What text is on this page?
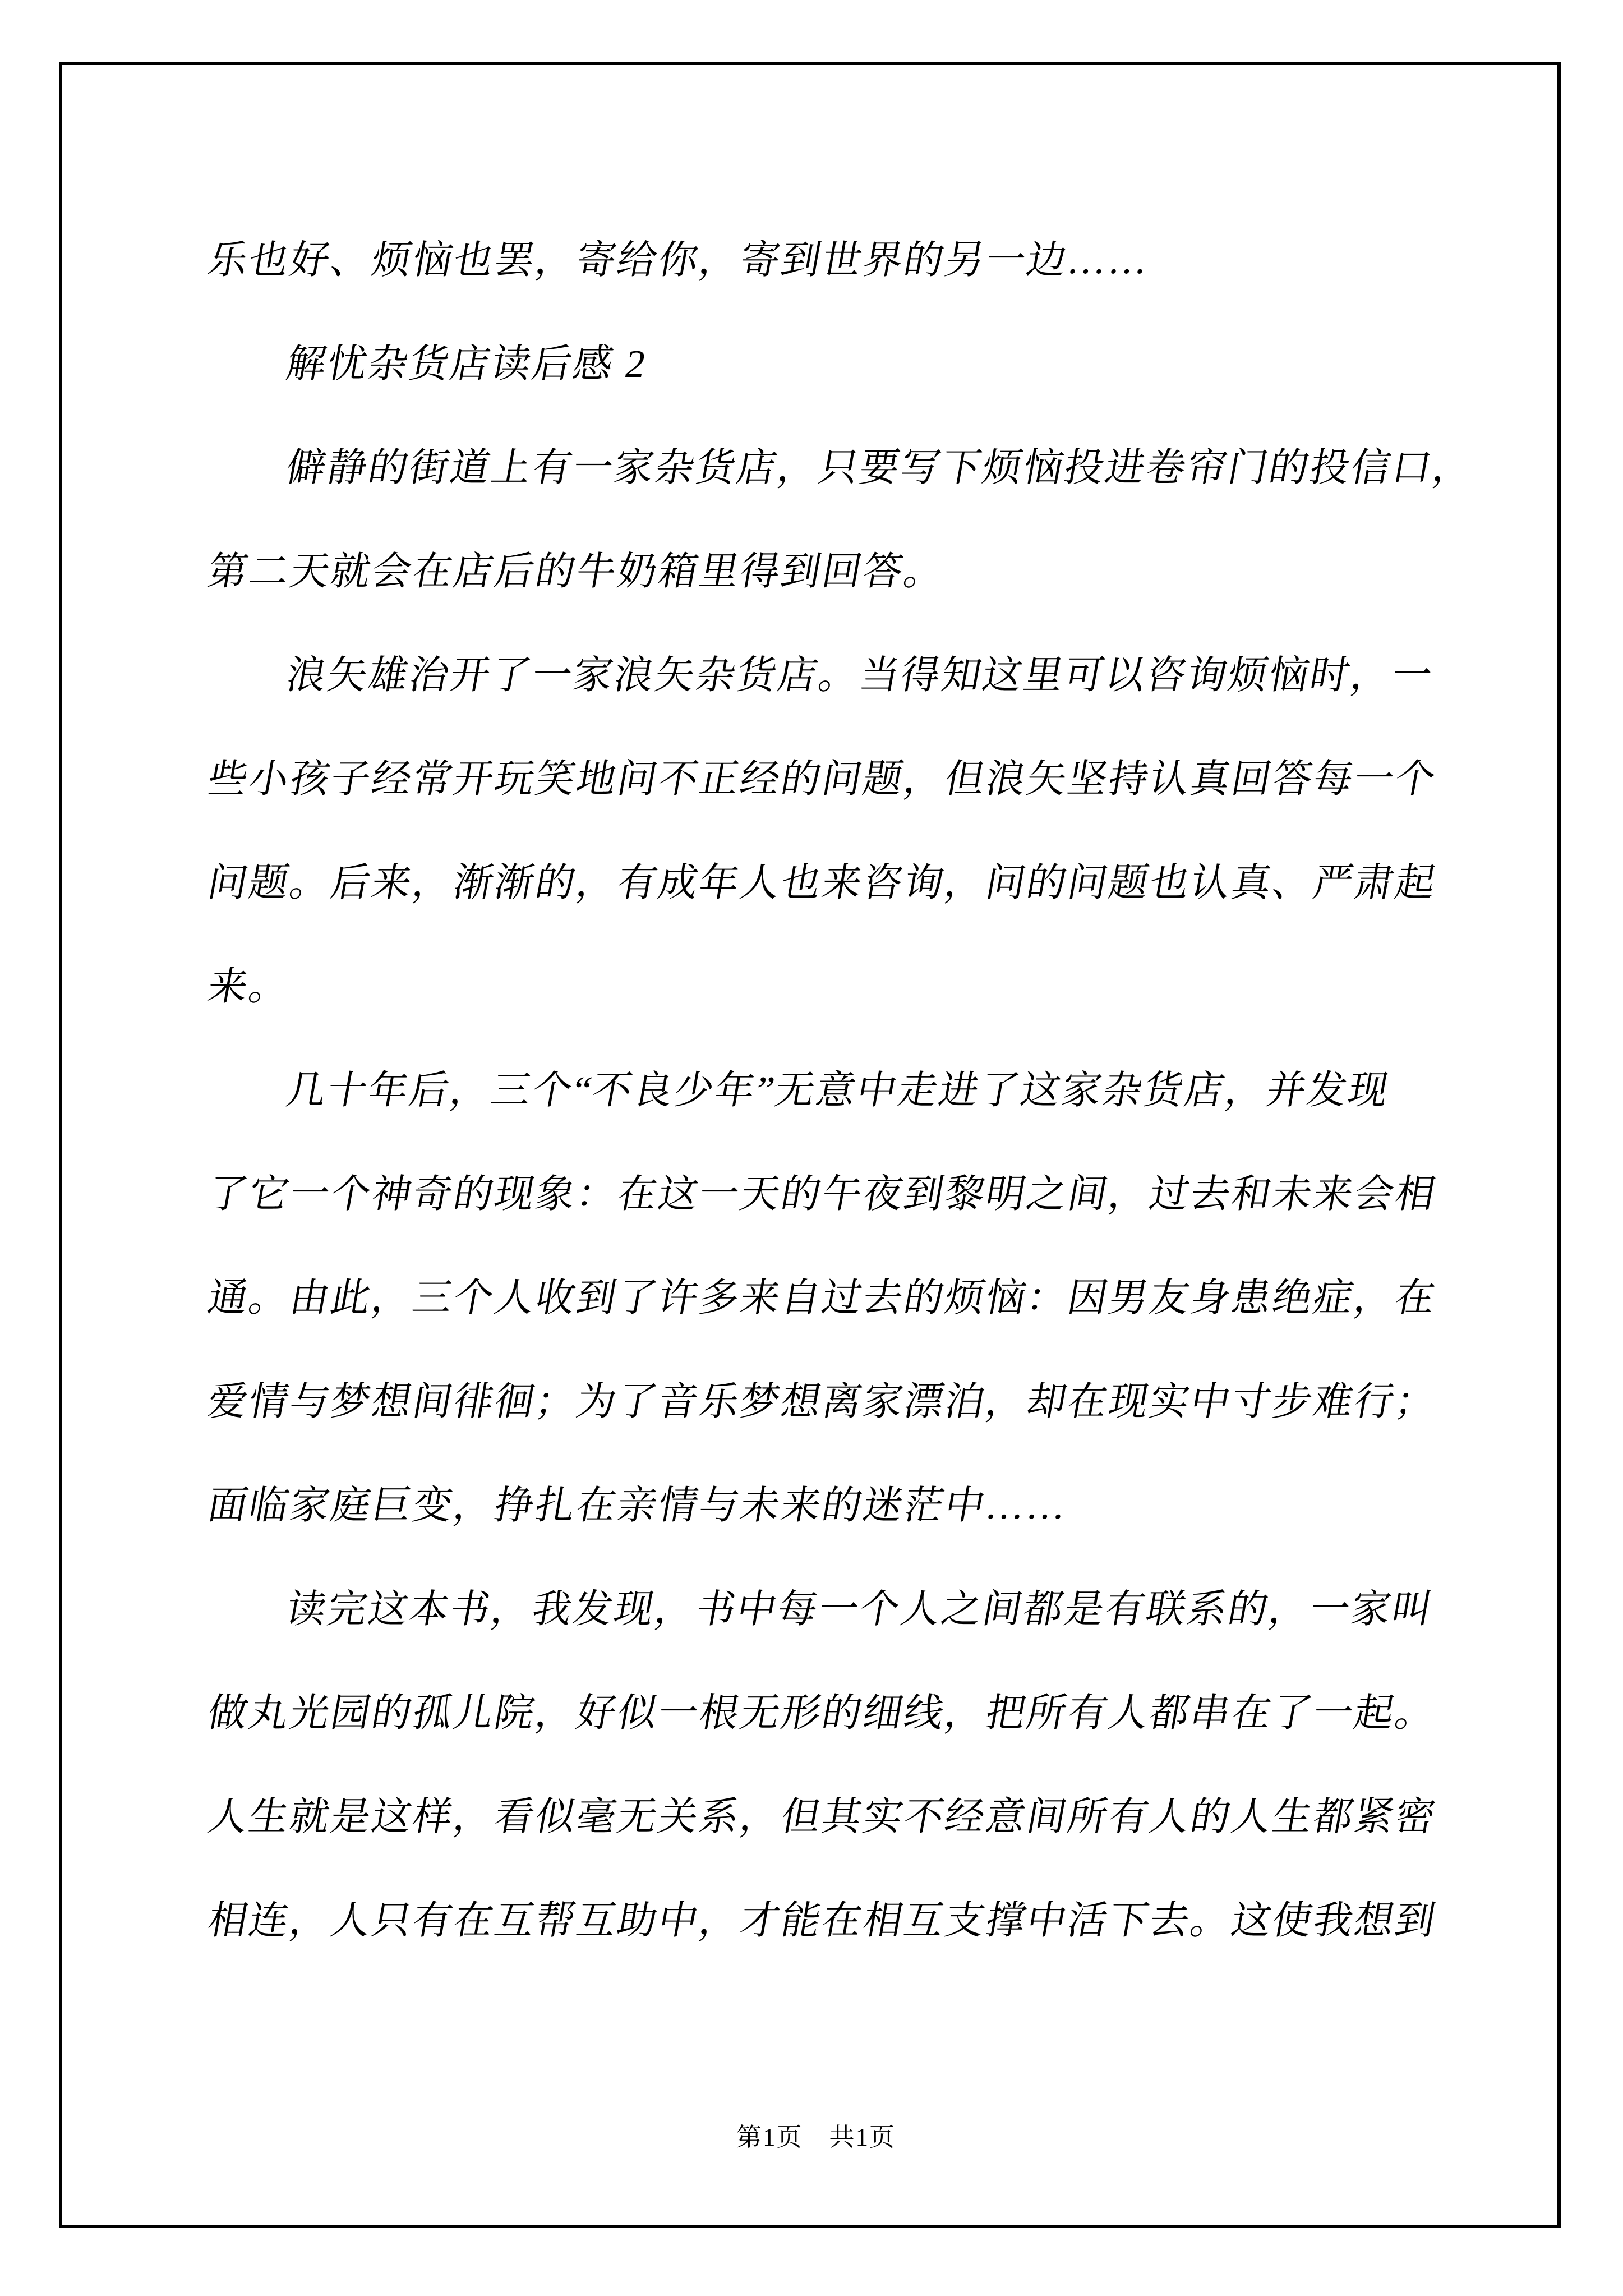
乐也好、烦恼也罢，寄给你，寄到世界的另一边……
解忧杂货店读后感 2
僻静的街道上有一家杂货店，只要写下烦恼投进卷帘门的投信口，
第二天就会在店后的牛奶箱里得到回答。
浪矢雄治开了一家浪矢杂货店。当得知这里可以咨询烦恼时，一
些小孩子经常开玩笑地问不正经的问题，但浪矢坚持认真回答每一个
问题。后来，渐渐的，有成年人也来咨询，问的问题也认真、严肃起
来。
几十年后，三个“不良少年”无意中走进了这家杂货店，并发现
了它一个神奇的现象：在这一天的午夜到黎明之间，过去和未来会相
通。由此，三个人收到了许多来自过去的烦恼：因男友身患绝症，在
爱情与梦想间徘徊；为了音乐梦想离家漂泊，却在现实中寸步难行；
面临家庭巨变，挣扎在亲情与未来的迷茫中……
读完这本书，我发现，书中每一个人之间都是有联系的，一家叫
做丸光园的孤儿院，好似一根无形的细线，把所有人都串在了一起。
人生就是这样，看似毫无关系，但其实不经意间所有人的人生都紧密
相连，人只有在互帮互助中，才能在相互支撑中活下去。这使我想到
第1页　共1页
